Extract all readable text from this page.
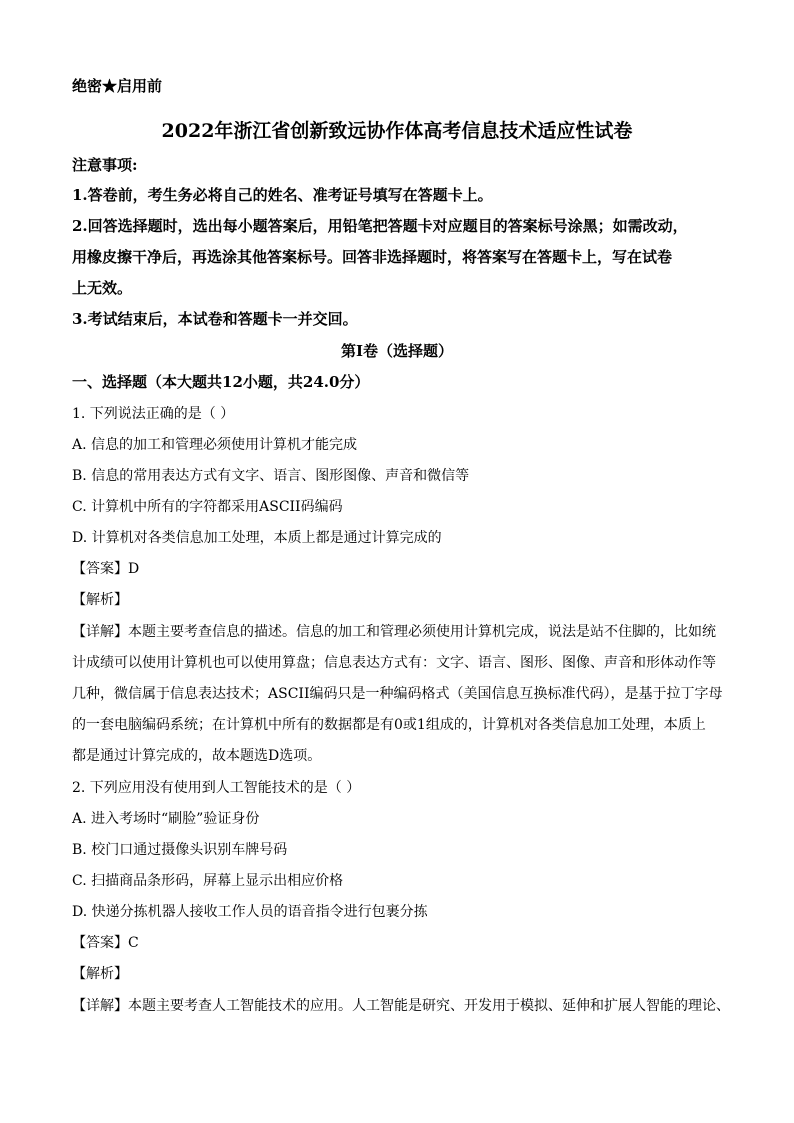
绝密★启用前
2022年浙江省创新致远协作体高考信息技术适应性试卷
注意事项:
1.答卷前，考生务必将自己的姓名、准考证号填写在答题卡上。
2.回答选择题时，选出每小题答案后，用铅笔把答题卡对应题目的答案标号涂黑；如需改动，
用橡皮擦干净后，再选涂其他答案标号。回答非选择题时，将答案写在答题卡上，写在试卷
上无效。
3.考试结束后，本试卷和答题卡一并交回。
第I卷（选择题）
一、选择题（本大题共12小题，共24.0分）
1. 下列说法正确的是（ ）
A. 信息的加工和管理必须使用计算机才能完成
B. 信息的常用表达方式有文字、语言、图形图像、声音和微信等
C. 计算机中所有的字符都采用ASCII码编码
D. 计算机对各类信息加工处理，本质上都是通过计算完成的
【答案】D
【解析】
【详解】本题主要考查信息的描述。信息的加工和管理必须使用计算机完成，说法是站不住脚的，比如统
计成绩可以使用计算机也可以使用算盘；信息表达方式有：文字、语言、图形、图像、声音和形体动作等
几种，微信属于信息表达技术；ASCII编码只是一种编码格式（美国信息互换标准代码），是基于拉丁字母
的一套电脑编码系统；在计算机中所有的数据都是有0或1组成的，计算机对各类信息加工处理，本质上
都是通过计算完成的，故本题选D选项。
2. 下列应用没有使用到人工智能技术的是（ ）
A. 进入考场时“刷脸”验证身份
B. 校门口通过摄像头识别车牌号码
C. 扫描商品条形码，屏幕上显示出相应价格
D. 快递分拣机器人接收工作人员的语音指令进行包裹分拣
【答案】C
【解析】
【详解】本题主要考查人工智能技术的应用。人工智能是研究、开发用于模拟、延伸和扩展人智能的理论、
